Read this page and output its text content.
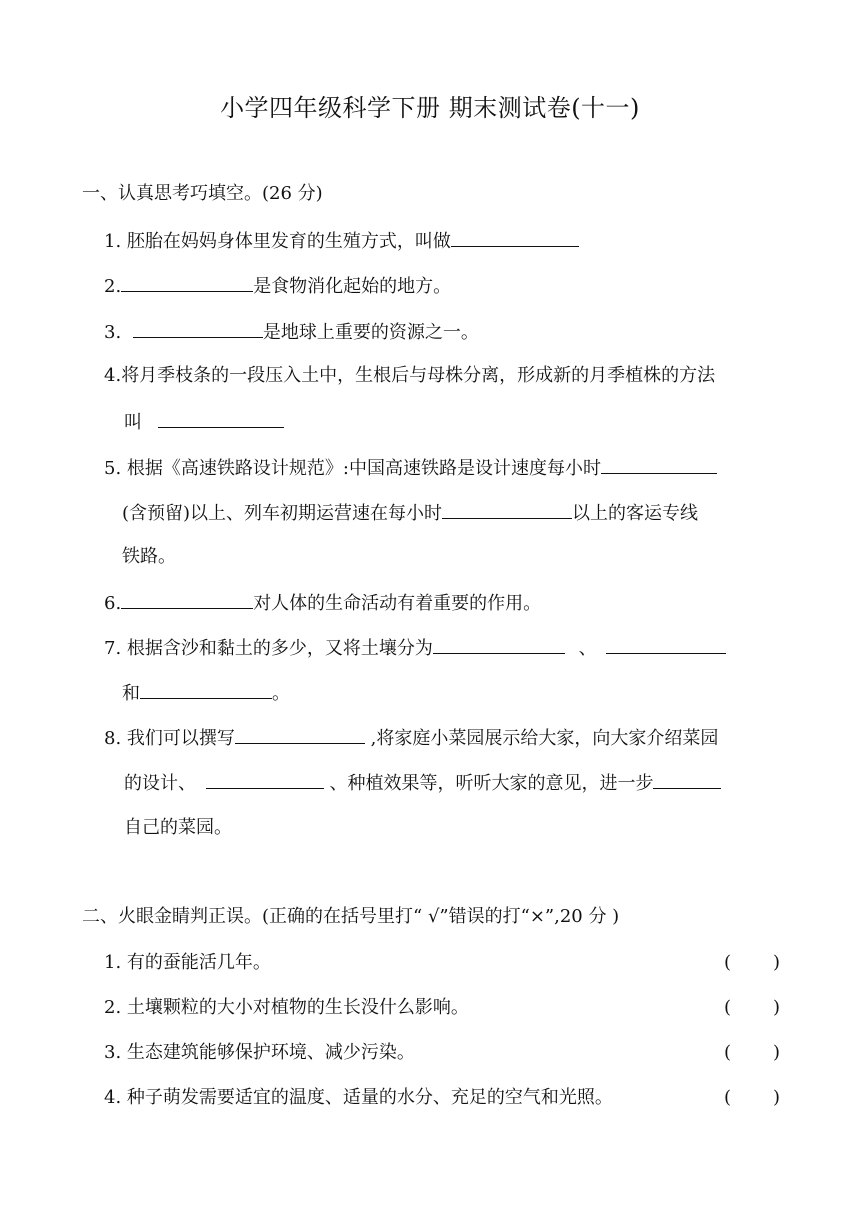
小学四年级科学下册 期末测试卷(十一)
一、认真思考巧填空。(26 分)
1. 胚胎在妈妈身体里发育的生殖方式，叫做
2.	是食物消化起始的地方。
3.	是地球上重要的资源之一。
4.将月季枝条的一段压入土中，生根后与母株分离，形成新的月季植株的方法
叫
5. 根据《高速铁路设计规范》:中国高速铁路是设计速度每小时
(含预留)以上、列车初期运营速在每小时	以上的客运专线
铁路。
6.	对人体的生命活动有着重要的作用。
7. 根据含沙和黏土的多少，又将土壤分为	、
和	。
8. 我们可以撰写	,将家庭小菜园展示给大家，向大家介绍菜园
的设计、	、种植效果等，听听大家的意见，进一步
自己的菜园。
二、火眼金睛判正误。(正确的在括号里打“ √”错误的打“×”,20 分 )
1. 有的蚕能活几年。	( )
2. 土壤颗粒的大小对植物的生长没什么影响。	( )
3. 生态建筑能够保护环境、减少污染。	( )
4. 种子萌发需要适宜的温度、适量的水分、充足的空气和光照。	( )
